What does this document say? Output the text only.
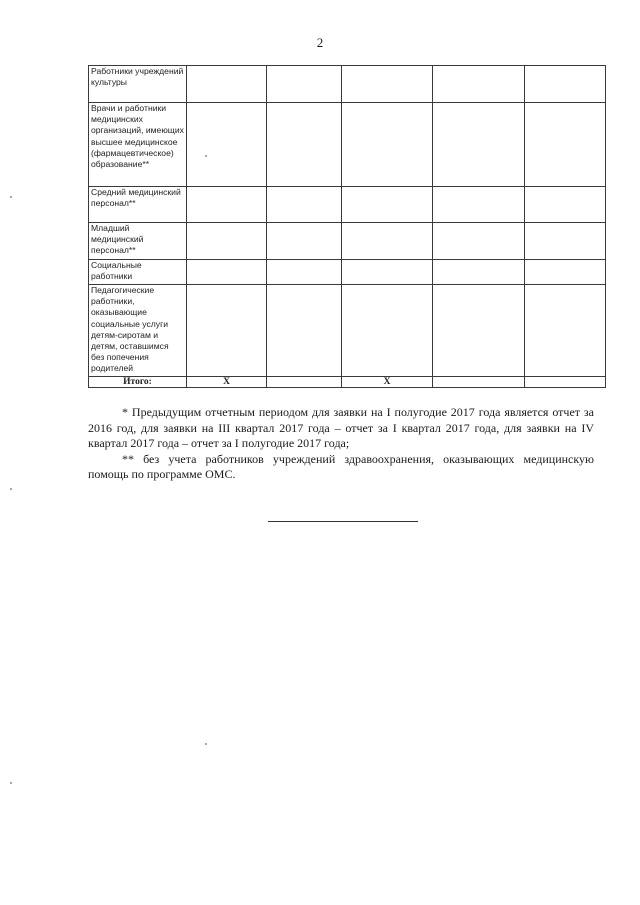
2
Работники учреждений культуры					
Врачи и работники медицинских организаций, имеющих высшее медицинское (фармацевтическое) образование**					
Средний медицинский персонал**					
Младший медицинский персонал**					
Социальные работники					
Педагогические работники, оказывающие социальные услуги детям-сиротам и детям, оставшимся без попечения родителей					
Итого:	Х		Х		

* Предыдущим отчетным периодом для заявки на I полугодие 2017 года является отчет за 2016 год, для заявки на III квартал 2017 года – отчет за I квартал 2017 года, для заявки на IV квартал 2017 года – отчет за I полугодие 2017 года;

** без учета работников учреждений здравоохранения, оказывающих медицинскую помощь по программе ОМС.
